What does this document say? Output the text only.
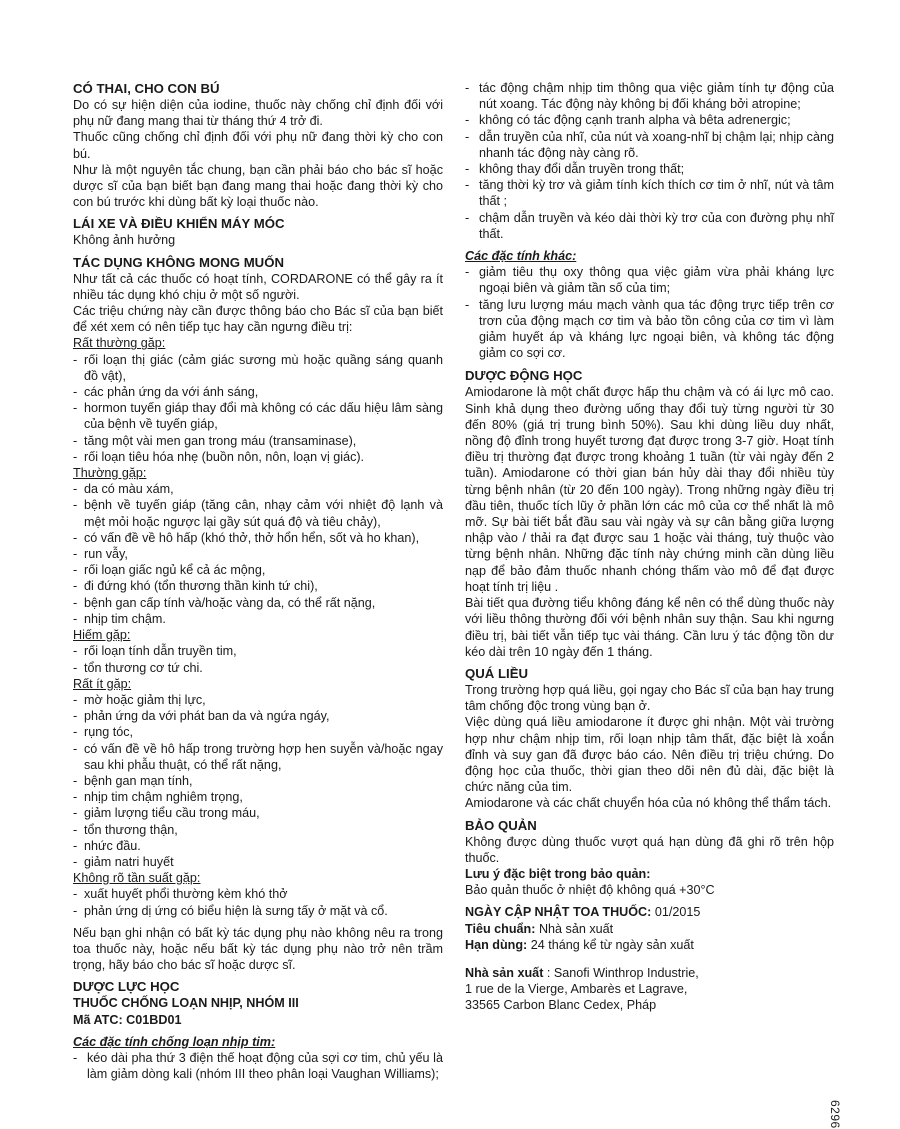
CÓ THAI, CHO CON BÚ
Do có sự hiện diện của iodine, thuốc này chống chỉ định đối với phụ nữ đang mang thai từ tháng thứ 4 trở đi.
Thuốc cũng chống chỉ định đối với phụ nữ đang thời kỳ cho con bú.
Như là một nguyên tắc chung, bạn cần phải báo cho bác sĩ hoặc dược sĩ của bạn biết bạn đang mang thai hoặc đang thời kỳ cho con bú trước khi dùng bất kỳ loại thuốc nào.
LÁI XE VÀ ĐIỀU KHIỂN MÁY MÓC
Không ảnh hưởng
TÁC DỤNG KHÔNG MONG MUỐN
Như tất cả các thuốc có hoạt tính, CORDARONE có thể gây ra ít nhiều tác dụng khó chịu ở một số người.
Các triệu chứng này cần được thông báo cho Bác sĩ của bạn biết để xét xem có nên tiếp tục hay cần ngưng điều trị:
Rất thường gặp:
- rối loạn thị giác (cảm giác sương mù hoặc quầng sáng quanh đồ vật),
- các phản ứng da với ánh sáng,
- hormon tuyến giáp thay đổi mà không có các dấu hiệu lâm sàng của bệnh về tuyến giáp,
- tăng một vài men gan trong máu (transaminase),
- rối loạn tiêu hóa nhẹ (buồn nôn, nôn, loạn vị giác).
Thường gặp:
- da có màu xám,
- bệnh về tuyến giáp (tăng cân, nhạy cảm với nhiệt độ lạnh và mệt mỏi hoặc ngược lại gầy sút quá độ và tiêu chảy),
- có vấn đề về hô hấp (khó thở, thở hổn hển, sốt và ho khan),
- run vẫy,
- rối loạn giấc ngủ kể cả ác mộng,
- đi đứng khó (tổn thương thần kinh tứ chi),
- bệnh gan cấp tính và/hoặc vàng da, có thể rất nặng,
- nhịp tim chậm.
Hiếm gặp:
- rối loạn tính dẫn truyền tim,
- tổn thương cơ tứ chi.
Rất ít gặp:
- mờ hoặc giảm thị lực,
- phản ứng da với phát ban da và ngứa ngáy,
- rụng tóc,
- có vấn đề về hô hấp trong trường hợp hen suyễn và/hoặc ngay sau khi phẫu thuật, có thể rất nặng,
- bệnh gan mạn tính,
- nhịp tim chậm nghiêm trọng,
- giảm lượng tiểu cầu trong máu,
- tổn thương thận,
- nhức đầu.
- giảm natri huyết
Không rõ tần suất gặp:
- xuất huyết phổi thường kèm khó thở
- phản ứng dị ứng có biểu hiện là sưng tấy ở mặt và cổ.
Nếu bạn ghi nhận có bất kỳ tác dụng phụ nào không nêu ra trong toa thuốc này, hoặc nếu bất kỳ tác dụng phụ nào trở nên trầm trọng, hãy báo cho bác sĩ hoặc dược sĩ.
DƯỢC LỰC HỌC
THUỐC CHỐNG LOẠN NHỊP, NHÓM III
Mã ATC: C01BD01
Các đặc tính chống loạn nhịp tim:
- kéo dài pha thứ 3 điện thế hoạt động của sợi cơ tim, chủ yếu là làm giảm dòng kali (nhóm III theo phân loại Vaughan Williams);
- tác động chậm nhịp tim thông qua việc giảm tính tự động của nút xoang. Tác động này không bị đối kháng bởi atropine;
- không có tác động cạnh tranh alpha và bêta adrenergic;
- dẫn truyền của nhĩ, của nút và xoang-nhĩ bị chậm lại; nhịp càng nhanh tác động này càng rõ.
- không thay đổi dẫn truyền trong thất;
- tăng thời kỳ trơ và giảm tính kích thích cơ tim ở nhĩ, nút và tâm thất ;
- chậm dẫn truyền và kéo dài thời kỳ trơ của con đường phụ nhĩ thất.
Các đặc tính khác:
- giảm tiêu thụ oxy thông qua việc giảm vừa phải kháng lực ngoại biên và giảm tần số của tim;
- tăng lưu lượng máu mạch vành qua tác động trực tiếp trên cơ trơn của động mạch cơ tim và bảo tồn công của cơ tim vì làm giảm huyết áp và kháng lực ngoại biên, và không tác động giảm co sợi cơ.
DƯỢC ĐỘNG HỌC
Amiodarone là một chất được hấp thu chậm và có ái lực mô cao. Sinh khả dụng theo đường uống thay đổi tuỳ từng người từ 30 đến 80% (giá trị trung bình 50%). Sau khi dùng liều duy nhất, nồng độ đỉnh trong huyết tương đạt được trong 3-7 giờ. Hoạt tính điều trị thường đạt được trong khoảng 1 tuần (từ vài ngày đến 2 tuần). Amiodarone có thời gian bán hủy dài thay đổi nhiều tùy từng bệnh nhân (từ 20 đến 100 ngày). Trong những ngày điều trị đầu tiên, thuốc tích lũy ở phần lớn các mô của cơ thể nhất là mô mỡ. Sự bài tiết bắt đầu sau vài ngày và sự cân bằng giữa lượng nhập vào / thải ra đạt được sau 1 hoặc vài tháng, tuỳ thuộc vào từng bệnh nhân. Những đặc tính này chứng minh cần dùng liều nạp để bảo đảm thuốc nhanh chóng thấm vào mô để đạt được hoạt tính trị liệu .
Bài tiết qua đường tiểu không đáng kể nên có thể dùng thuốc này với liều thông thường đối với bệnh nhân suy thận. Sau khi ngưng điều trị, bài tiết vẫn tiếp tục vài tháng. Cần lưu ý tác động tồn dư kéo dài trên 10 ngày đến 1 tháng.
QUÁ LIỀU
Trong trường hợp quá liều, gọi ngay cho Bác sĩ của bạn hay trung tâm chống độc trong vùng bạn ở.
Việc dùng quá liều amiodarone ít được ghi nhận. Một vài trường hợp như chậm nhịp tim, rối loạn nhịp tâm thất, đặc biệt là xoắn đỉnh và suy gan đã được báo cáo. Nên điều trị triệu chứng. Do động học của thuốc, thời gian theo dõi nên đủ dài, đặc biệt là chức năng của tim.
Amiodarone và các chất chuyển hóa của nó không thể thẩm tách.
BẢO QUẢN
Không được dùng thuốc vượt quá hạn dùng đã ghi rõ trên hộp thuốc.
Lưu ý đặc biệt trong bảo quản:
Bảo quản thuốc ở nhiệt độ không quá +30°C
NGÀY CẬP NHẬT TOA THUỐC: 01/2015
Tiêu chuẩn: Nhà sản xuất
Hạn dùng: 24 tháng kể từ ngày sản xuất
Nhà sản xuất : Sanofi Winthrop Industrie,
1 rue de la Vierge, Ambarès et Lagrave,
33565 Carbon Blanc Cedex, Pháp
6296
